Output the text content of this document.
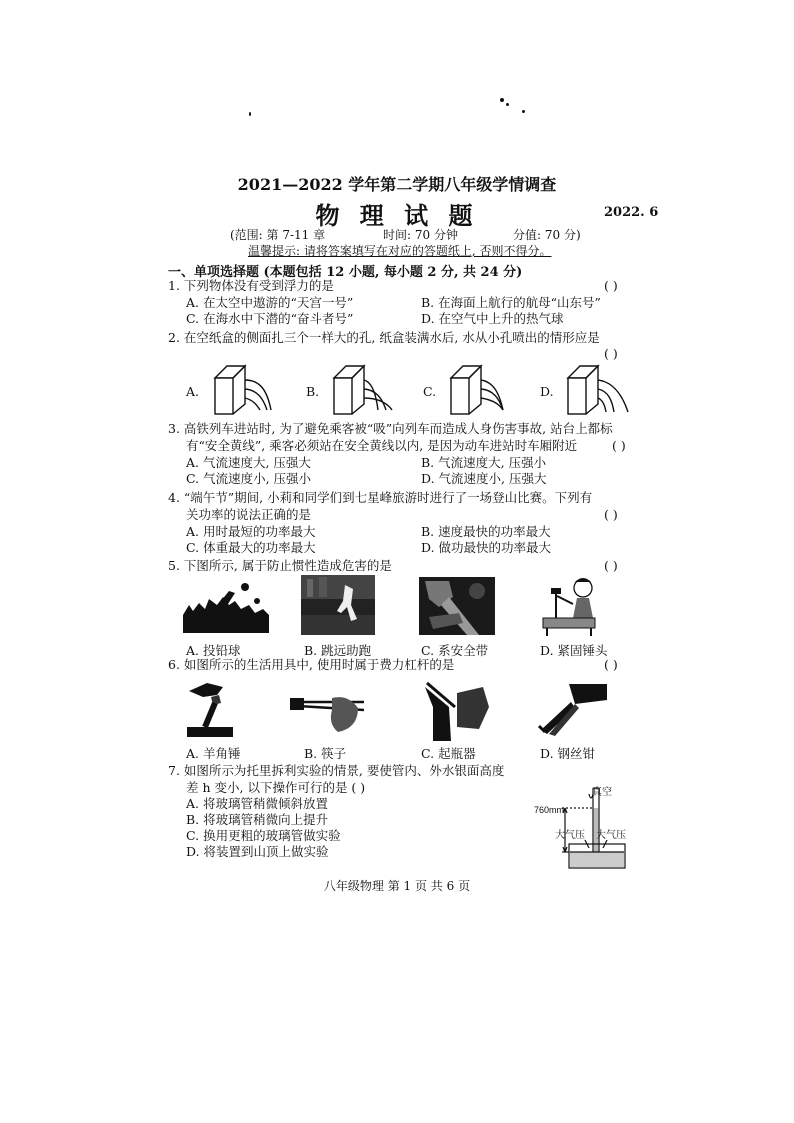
2021—2022 学年第二学期八年级学情调查
物 理 试 题	2022. 6
(范围: 第 7-11 章	时间: 70 分钟	分值: 70 分)
温馨提示: 请将答案填写在对应的答题纸上, 否则不得分。
一、单项选择题 (本题包括 12 小题, 每小题 2 分, 共 24 分)
1. 下列物体没有受到浮力的是	( )
A. 在太空中遨游的“天宫一号”	B. 在海面上航行的航母“山东号”
C. 在海水中下潜的“奋斗者号”	D. 在空气中上升的热气球
2. 在空纸盒的侧面扎三个一样大的孔, 纸盒装满水后, 水从小孔喷出的情形应是
( )
A.	B.	C.	D.
3. 高铁列车进站时, 为了避免乘客被“吸”向列车而造成人身伤害事故, 站台上都标
有“安全黄线”, 乘客必须站在安全黄线以内, 是因为动车进站时车厢附近	( )
A. 气流速度大, 压强大	B. 气流速度大, 压强小
C. 气流速度小, 压强小	D. 气流速度小, 压强大
4. “端午节”期间, 小莉和同学们到七星峰旅游时进行了一场登山比赛。下列有
关功率的说法正确的是	( )
A. 用时最短的功率最大	B. 速度最快的功率最大
C. 体重最大的功率最大	D. 做功最快的功率最大
5. 下图所示, 属于防止惯性造成危害的是	( )
A. 投铅球	B. 跳远助跑	C. 系安全带	D. 紧固锤头
6. 如图所示的生活用具中, 使用时属于费力杠杆的是	( )
A. 羊角锤	B. 筷子	C. 起瓶器	D. 钢丝钳
7. 如图所示为托里拆利实验的情景, 要使管内、外水银面高度
差 h 变小, 以下操作可行的是 ( )
A. 将玻璃管稍微倾斜放置
B. 将玻璃管稍微向上提升
C. 换用更粗的玻璃管做实验
D. 将装置到山顶上做实验
真空
760mm
大气压 大气压
八年级物理 第 1 页 共 6 页
